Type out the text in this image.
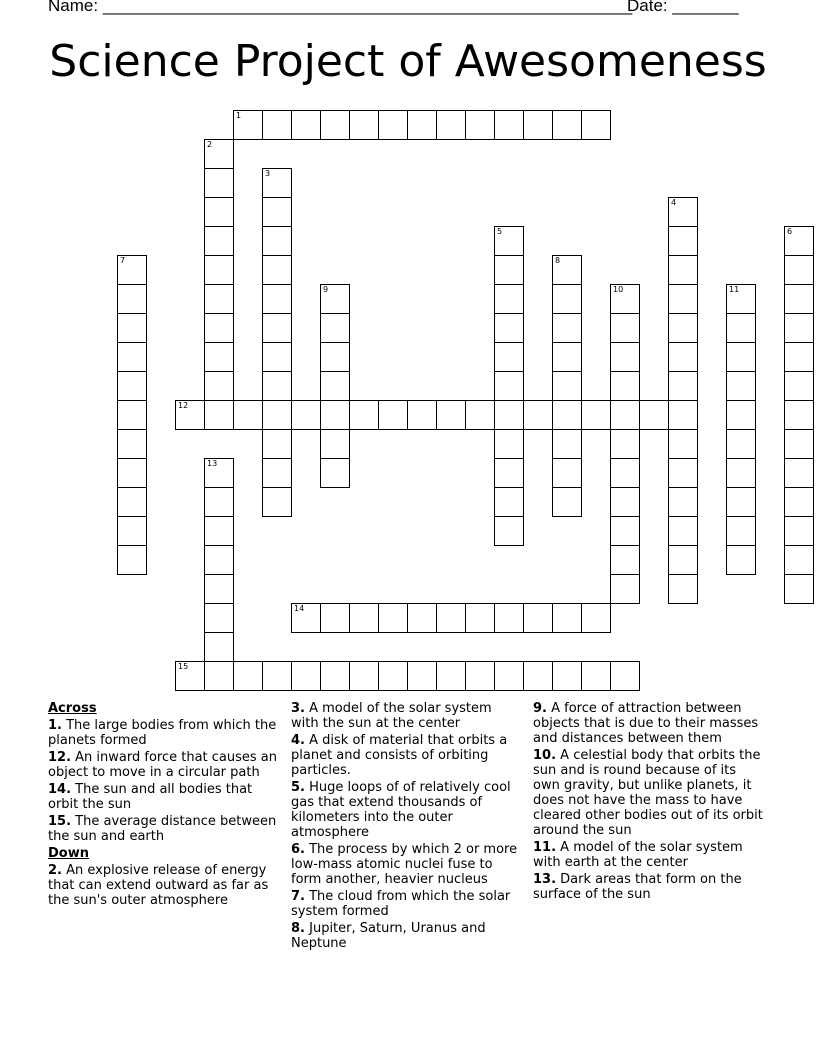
Name: ________________________________________________________
Date: _______
Science Project of Awesomeness
1
2
3
4
5	6
7	8
9	10	11
12
13
14
15
Across
1. The large bodies from which the planets formed
12. An inward force that causes an object to move in a circular path
14. The sun and all bodies that orbit the sun
15. The average distance between the sun and earth
Down
2. An explosive release of energy that can extend outward as far as the sun's outer atmosphere
3. A model of the solar system with the sun at the center
4. A disk of material that orbits a planet and consists of orbiting particles.
5. Huge loops of of relatively cool gas that extend thousands of kilometers into the outer atmosphere
6. The process by which 2 or more low-mass atomic nuclei fuse to form another, heavier nucleus
7. The cloud from which the solar system formed
8. Jupiter, Saturn, Uranus and Neptune
9. A force of attraction between objects that is due to their masses and distances between them
10. A celestial body that orbits the sun and is round because of its own gravity, but unlike planets, it does not have the mass to have cleared other bodies out of its orbit around the sun
11. A model of the solar system with earth at the center
13. Dark areas that form on the surface of the sun
